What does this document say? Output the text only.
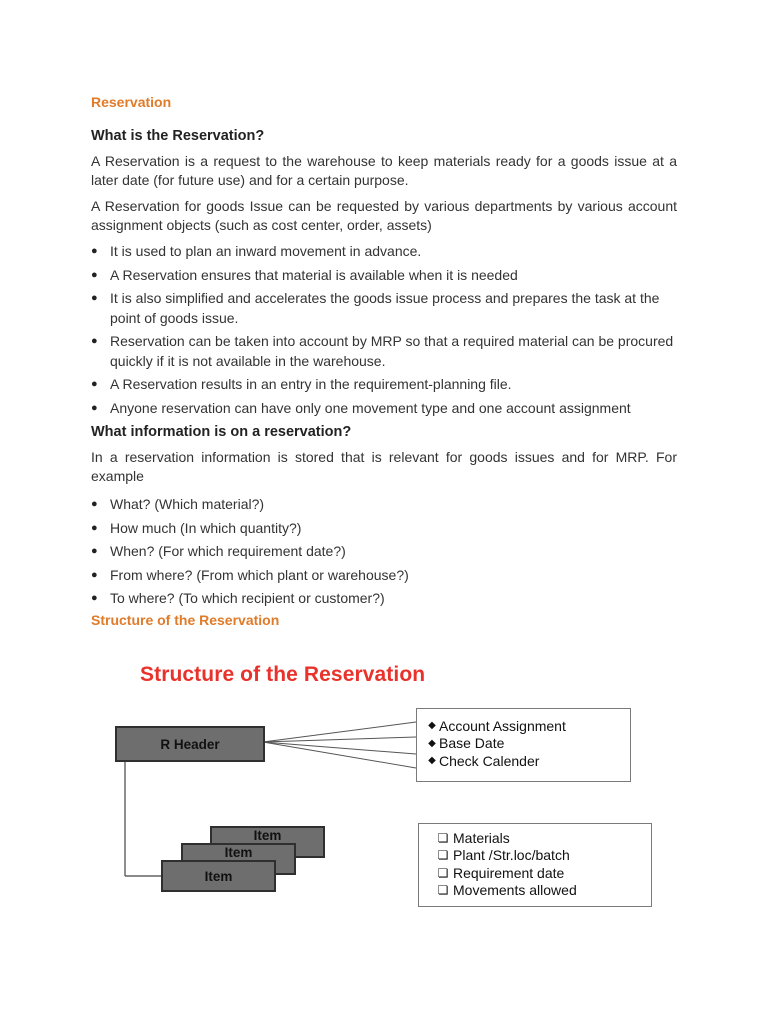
Reservation

What is the Reservation?

A Reservation is a request to the warehouse to keep materials ready for a goods issue at a later date (for future use) and for a certain purpose.

A Reservation for goods Issue can be requested by various departments by various account assignment objects (such as cost center, order, assets)

● It is used to plan an inward movement in advance.
● A Reservation ensures that material is available when it is needed
● It is also simplified and accelerates the goods issue process and prepares the task at the point of goods issue.
● Reservation can be taken into account by MRP so that a required material can be procured quickly if it is not available in the warehouse.
● A Reservation results in an entry in the requirement-planning file.
● Anyone reservation can have only one movement type and one account assignment

What information is on a reservation?

In a reservation information is stored that is relevant for goods issues and for MRP. For example

● What? (Which material?)
● How much (In which quantity?)
● When? (For which requirement date?)
● From where? (From which plant or warehouse?)
● To where? (To which recipient or customer?)

Structure of the Reservation

Structure of the Reservation
R Header
Item
Item
Item
◆ Account Assignment
◆ Base Date
◆ Check Calender
❏ Materials
❏ Plant /Str.loc/batch
❏ Requirement date
❏ Movements allowed
